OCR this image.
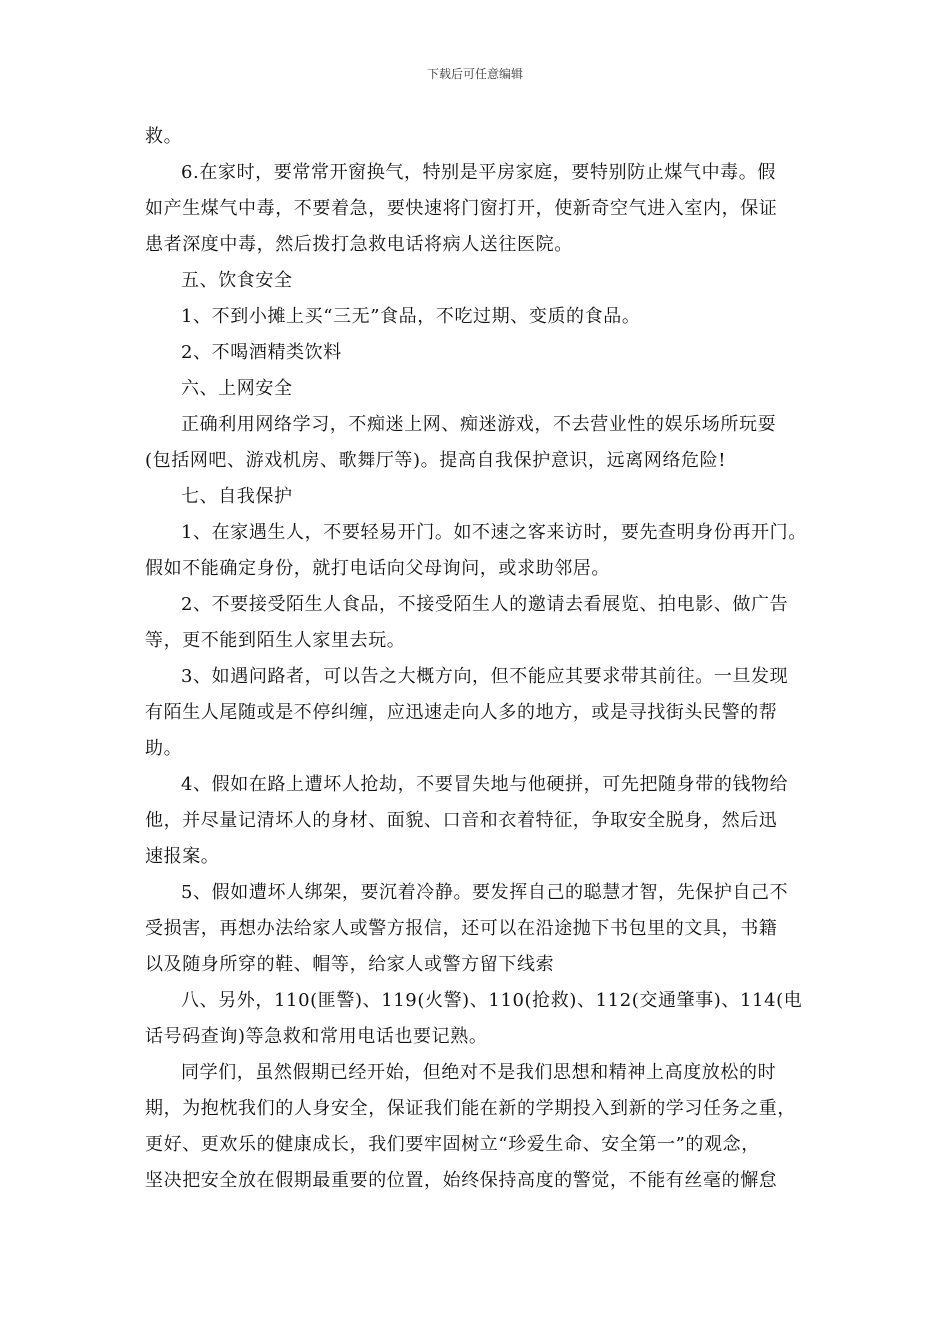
下载后可任意编辑

救。

6.在家时，要常常开窗换气，特别是平房家庭，要特别防止煤气中毒。假
如产生煤气中毒，不要着急，要快速将门窗打开，使新奇空气进入室内，保证
患者深度中毒，然后拨打急救电话将病人送往医院。

五、饮食安全

1、不到小摊上买“三无”食品，不吃过期、变质的食品。

2、不喝酒精类饮料

六、上网安全

正确利用网络学习，不痴迷上网、痴迷游戏，不去营业性的娱乐场所玩耍
(包括网吧、游戏机房、歌舞厅等)。提高自我保护意识，远离网络危险!

七、自我保护

1、在家遇生人，不要轻易开门。如不速之客来访时，要先查明身份再开门。
假如不能确定身份，就打电话向父母询问，或求助邻居。

2、不要接受陌生人食品，不接受陌生人的邀请去看展览、拍电影、做广告
等，更不能到陌生人家里去玩。

3、如遇问路者，可以告之大概方向，但不能应其要求带其前往。一旦发现
有陌生人尾随或是不停纠缠，应迅速走向人多的地方，或是寻找街头民警的帮
助。

4、假如在路上遭坏人抢劫，不要冒失地与他硬拼，可先把随身带的钱物给
他，并尽量记清坏人的身材、面貌、口音和衣着特征，争取安全脱身，然后迅
速报案。

5、假如遭坏人绑架，要沉着冷静。要发挥自己的聪慧才智，先保护自己不
受损害，再想办法给家人或警方报信，还可以在沿途抛下书包里的文具，书籍
以及随身所穿的鞋、帽等，给家人或警方留下线索

八、另外，110(匪警)、119(火警)、110(抢救)、112(交通肇事)、114(电
话号码查询)等急救和常用电话也要记熟。

同学们，虽然假期已经开始，但绝对不是我们思想和精神上高度放松的时
期，为抱枕我们的人身安全，保证我们能在新的学期投入到新的学习任务之重，
更好、更欢乐的健康成长，我们要牢固树立“珍爱生命、安全第一”的观念，
坚决把安全放在假期最重要的位置，始终保持高度的警觉，不能有丝毫的懈怠
